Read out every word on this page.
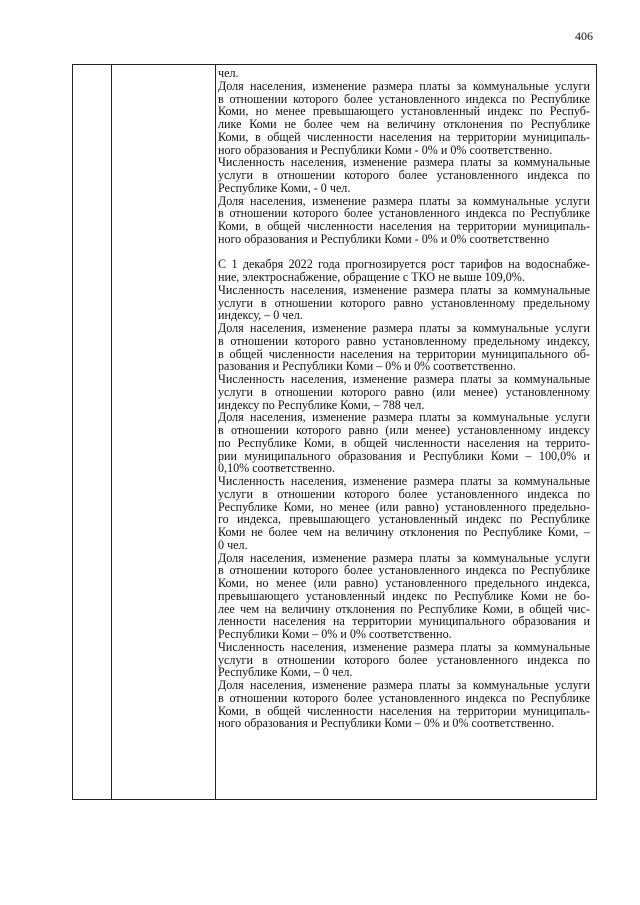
406
чел.
Доля населения, изменение размера платы за коммунальные услуги
в отношении которого более установленного индекса по Республике
Коми, но менее превышающего установленный индекс по Респуб-
лике Коми не более чем на величину отклонения по Республике
Коми, в общей численности населения на территории муниципаль-
ного образования и Республики Коми - 0% и 0% соответственно.
Численность населения, изменение размера платы за коммунальные
услуги в отношении которого более установленного индекса по
Республике Коми, - 0 чел.
Доля населения, изменение размера платы за коммунальные услуги
в отношении которого более установленного индекса по Республике
Коми, в общей численности населения на территории муниципаль-
ного образования и Республики Коми - 0% и 0% соответственно
С 1 декабря 2022 года прогнозируется рост тарифов на водоснабже-
ние, электроснабжение, обращение с ТКО не выше 109,0%.
Численность населения, изменение размера платы за коммунальные
услуги в отношении которого равно установленному предельному
индексу, – 0 чел.
Доля населения, изменение размера платы за коммунальные услуги
в отношении которого равно установленному предельному индексу,
в общей численности населения на территории муниципального об-
разования и Республики Коми – 0% и 0% соответственно.
Численность населения, изменение размера платы за коммунальные
услуги в отношении которого равно (или менее) установленному
индексу по Республике Коми, – 788 чел.
Доля населения, изменение размера платы за коммунальные услуги
в отношении которого равно (или менее) установленному индексу
по Республике Коми, в общей численности населения на террито-
рии муниципального образования и Республики Коми – 100,0% и
0,10% соответственно.
Численность населения, изменение размера платы за коммунальные
услуги в отношении которого более установленного индекса по
Республике Коми, но менее (или равно) установленного предельно-
го индекса, превышающего установленный индекс по Республике
Коми не более чем на величину отклонения по Республике Коми, –
0 чел.
Доля населения, изменение размера платы за коммунальные услуги
в отношении которого более установленного индекса по Республике
Коми, но менее (или равно) установленного предельного индекса,
превышающего установленный индекс по Республике Коми не бо-
лее чем на величину отклонения по Республике Коми, в общей чис-
ленности населения на территории муниципального образования и
Республики Коми – 0% и 0% соответственно.
Численность населения, изменение размера платы за коммунальные
услуги в отношении которого более установленного индекса по
Республике Коми, – 0 чел.
Доля населения, изменение размера платы за коммунальные услуги
в отношении которого более установленного индекса по Республике
Коми, в общей численности населения на территории муниципаль-
ного образования и Республики Коми – 0% и 0% соответственно.
